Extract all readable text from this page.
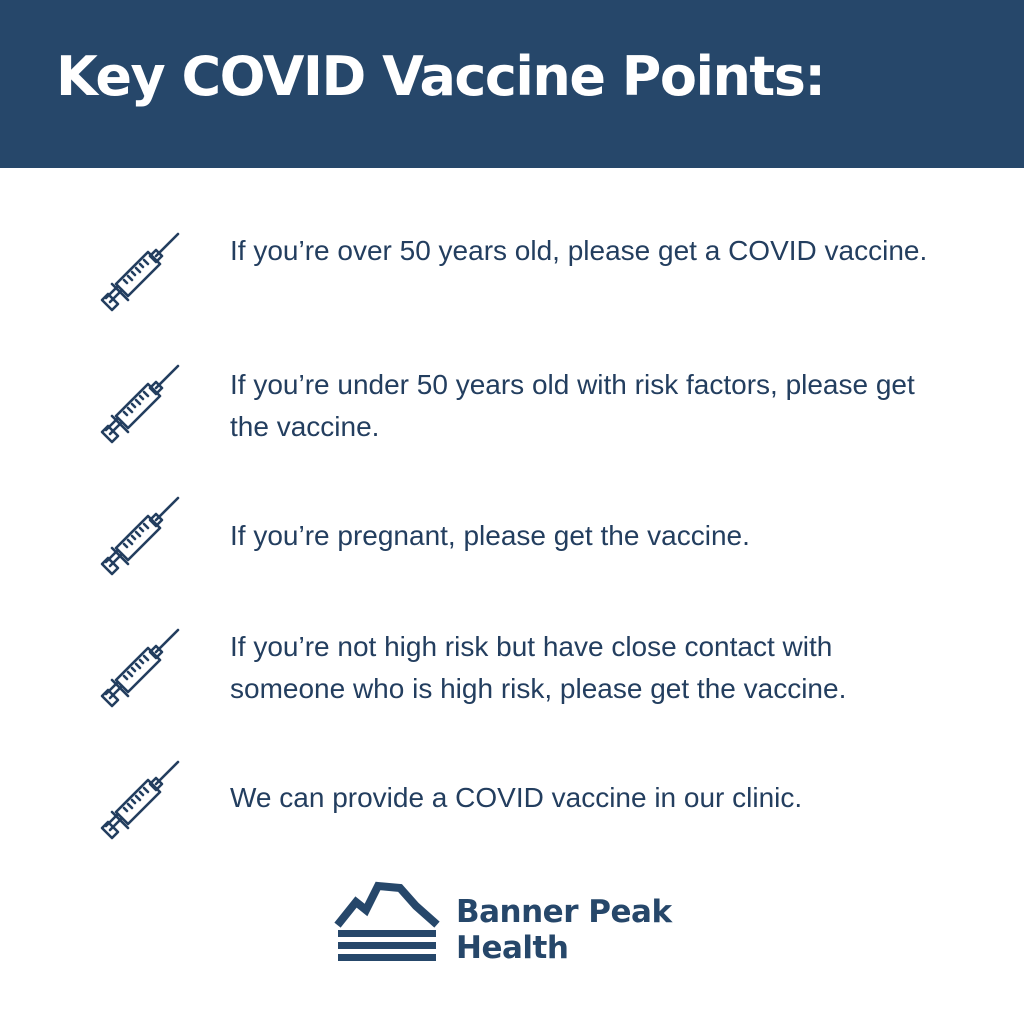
Key COVID Vaccine Points:

If you’re over 50 years old, please get a COVID vaccine.

If you’re under 50 years old with risk factors, please get the vaccine.

If you’re pregnant, please get the vaccine.

If you’re not high risk but have close contact with someone who is high risk, please get the vaccine.

We can provide a COVID vaccine in our clinic.

Banner Peak
Health
